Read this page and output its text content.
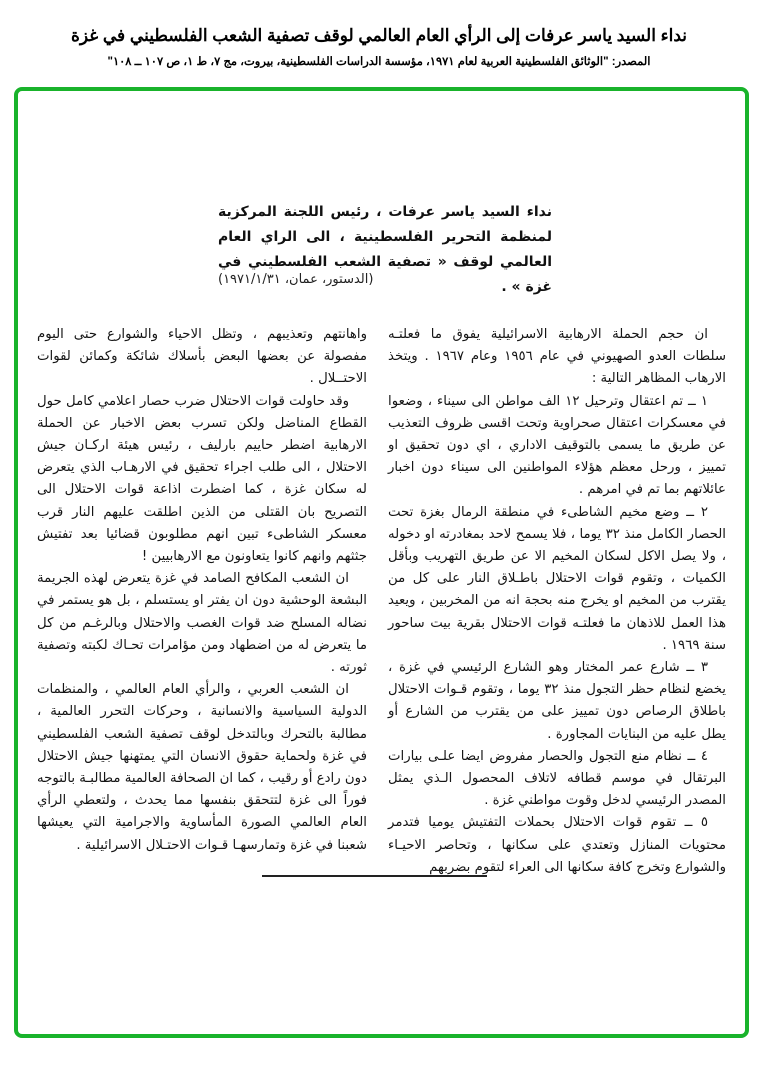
نداء السيد ياسر عرفات إلى الرأي العام العالمي لوقف تصفية الشعب الفلسطيني في غزة
المصدر: "الوثائق الفلسطينية العربية لعام ١٩٧١، مؤسسة الدراسات الفلسطينية، بيروت، مج ٧، ط ١، ص ١٠٧ ــ ١٠٨"
نداء السيد ياسر عرفات ، رئيس اللجنة المركزية لمنظمة التحرير الفلسطينية ، الى الراي العام العالمي لوقف « تصفية الشعب الفلسطيني في غزة » .
(الدستور، عمان، ١٩٧١/١/٣١)

ان حجم الحملة الارهابية الاسرائيلية يفوق ما فعلتـه سلطات العدو الصهيوني في عام ١٩٥٦ وعام ١٩٦٧ . ويتخذ الارهاب المظاهر التالية :

١ ــ تم اعتقال وترحيل ١٢ الف مواطن الى سيناء ، وضعوا في معسكرات اعتقال صحراوية وتحت اقسى ظروف التعذيب عن طريق ما يسمى بالتوقيف الاداري ، اي دون تحقيق او تمييز ، ورحل معظم هؤلاء المواطنين الى سيناء دون اخبار عائلاتهم بما تم في امرهم .

٢ ــ وضع مخيم الشاطىء في منطقة الرمال بغزة تحت الحصار الكامل منذ ٣٢ يوما ، فلا يسمح لاحد بمغادرته او دخوله ، ولا يصل الاكل لسكان المخيم الا عن طريق التهريب وبأقل الكميات ، وتقوم قوات الاحتلال باطـلاق النار على كل من يقترب من المخيم او يخرج منه بحجة انه من المخربين ، ويعيد هذا العمل للاذهان ما فعلتـه قوات الاحتلال بقرية بيت ساحور سنة ١٩٦٩ .

٣ ــ شارع عمر المختار وهو الشارع الرئيسي في غزة ، يخضع لنظام حظر التجول منذ ٣٢ يوما ، وتقوم قـوات الاحتلال باطلاق الرصاص دون تمييز على من يقترب من الشارع أو يطل عليه من البنايات المجاورة .

٤ ــ نظام منع التجول والحصار مفروض ايضا علـى بيارات البرتقال في موسم قطافه لاتلاف المحصول الـذي يمثل المصدر الرئيسي لدخل وقوت مواطني غزة .

٥ ــ تقوم قوات الاحتلال بحملات التفتيش يوميا فتدمر محتويات المنازل وتعتدي على سكانها ، وتحاصر الاحيـاء والشوارع وتخرج كافة سكانها الى العراء لتقوم بضربهم

واهانتهم وتعذيبهم ، وتظل الاحياء والشوارع حتى اليوم مفصولة عن بعضها البعض بأسلاك شائكة وكمائن لقوات الاحتــلال .

وقد حاولت قوات الاحتلال ضرب حصار اعلامي كامل حول القطاع المناضل ولكن تسرب بعض الاخبار عن الحملة الارهابية اضطر حاييم بارليف ، رئيس هيئة اركـان جيش الاحتلال ، الى طلب اجراء تحقيق في الارهـاب الذي يتعرض له سكان غزة ، كما اضطرت اذاعة قوات الاحتلال الى التصريح بان القتلى من الذين اطلقت عليهم النار قرب معسكر الشاطىء تبين انهم مطلوبون قضائيا بعد تفتيش جثثهم وانهم كانوا يتعاونون مع الارهابيين !

ان الشعب المكافح الصامد في غزة يتعرض لهذه الجريمة البشعة الوحشية دون ان يفتر او يستسلم ، بل هو يستمر في نضاله المسلح ضد قوات الغصب والاحتلال وبالرغـم من كل ما يتعرض له من اضطهاد ومن مؤامرات تحـاك لكبته وتصفية ثورته .

ان الشعب العربي ، والرأي العام العالمي ، والمنظمات الدولية السياسية والانسانية ، وحركات التحرر العالمية ، مطالبة بالتحرك وبالتدخل لوقف تصفية الشعب الفلسطيني في غزة ولحماية حقوق الانسان التي يمتهنها جيش الاحتلال دون رادع أو رقيب ، كما ان الصحافة العالمية مطالبـة بالتوجه فوراً الى غزة لتتحقق بنفسها مما يحدث ، ولتعطي الرأي العام العالمي الصورة المأساوية والاجرامية التي يعيشها شعبنا في غزة وتمارسهـا قـوات الاحتـلال الاسرائيلية .
